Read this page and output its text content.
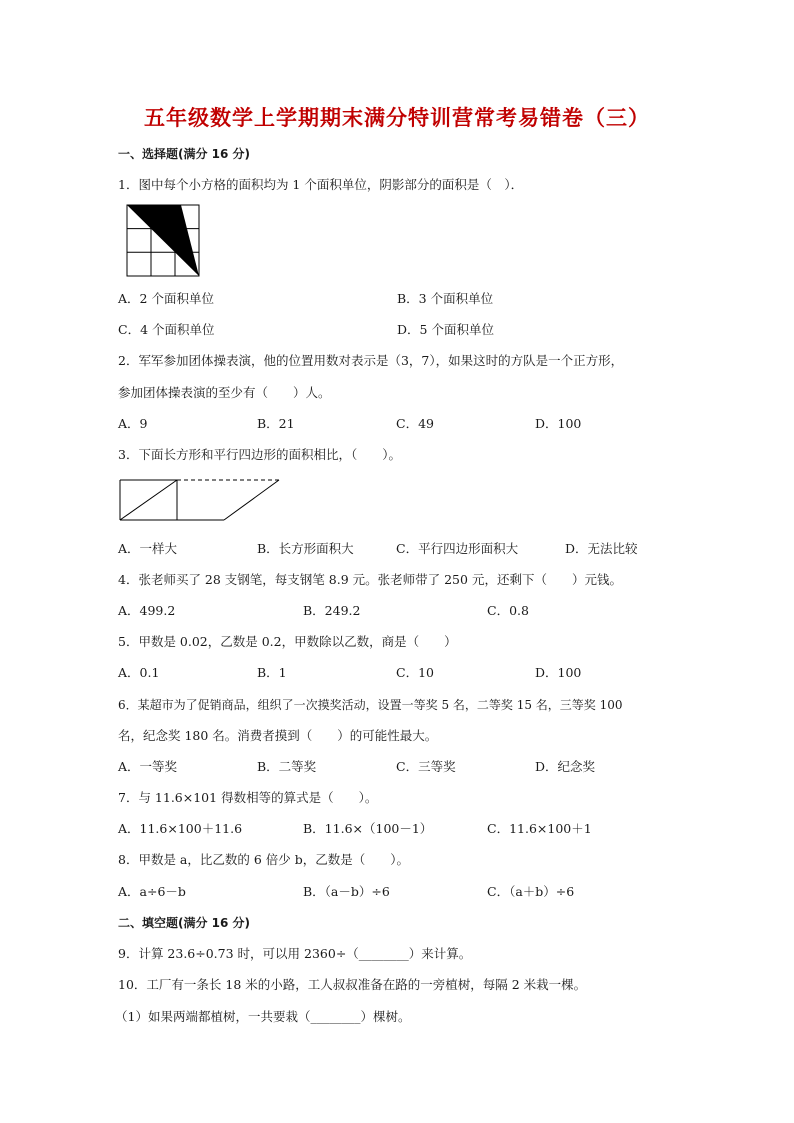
五年级数学上学期期末满分特训营常考易错卷（三）
一、选择题(满分 16 分)
1．图中每个小方格的面积均为 1 个面积单位，阴影部分的面积是（　）．
A．2 个面积单位	B．3 个面积单位
C．4 个面积单位	D．5 个面积单位
2．军军参加团体操表演，他的位置用数对表示是（3，7），如果这时的方队是一个正方形，
参加团体操表演的至少有（　　）人。
A．9	B．21	C．49	D．100
3．下面长方形和平行四边形的面积相比，（　　）。
A．一样大	B．长方形面积大	C．平行四边形面积大	D．无法比较
4．张老师买了 28 支钢笔，每支钢笔 8.9 元。张老师带了 250 元，还剩下（　　）元钱。
A．499.2	B．249.2	C．0.8
5．甲数是 0.02，乙数是 0.2，甲数除以乙数，商是（　　）
A．0.1	B．1	C．10	D．100
6．某超市为了促销商品，组织了一次摸奖活动，设置一等奖 5 名，二等奖 15 名，三等奖 100
名，纪念奖 180 名。消费者摸到（　　）的可能性最大。
A．一等奖	B．二等奖	C．三等奖	D．纪念奖
7．与 11.6×101 得数相等的算式是（　　）。
A．11.6×100＋11.6	B．11.6×（100－1）	C．11.6×100＋1
8．甲数是 a，比乙数的 6 倍少 b，乙数是（　　）。
A．a÷6－b	B．（a－b）÷6	C．（a＋b）÷6
二、填空题(满分 16 分)
9．计算 23.6÷0.73 时，可以用 2360÷（________）来计算。
10．工厂有一条长 18 米的小路，工人叔叔准备在路的一旁植树，每隔 2 米栽一棵。
（1）如果两端都植树，一共要栽（________）棵树。
